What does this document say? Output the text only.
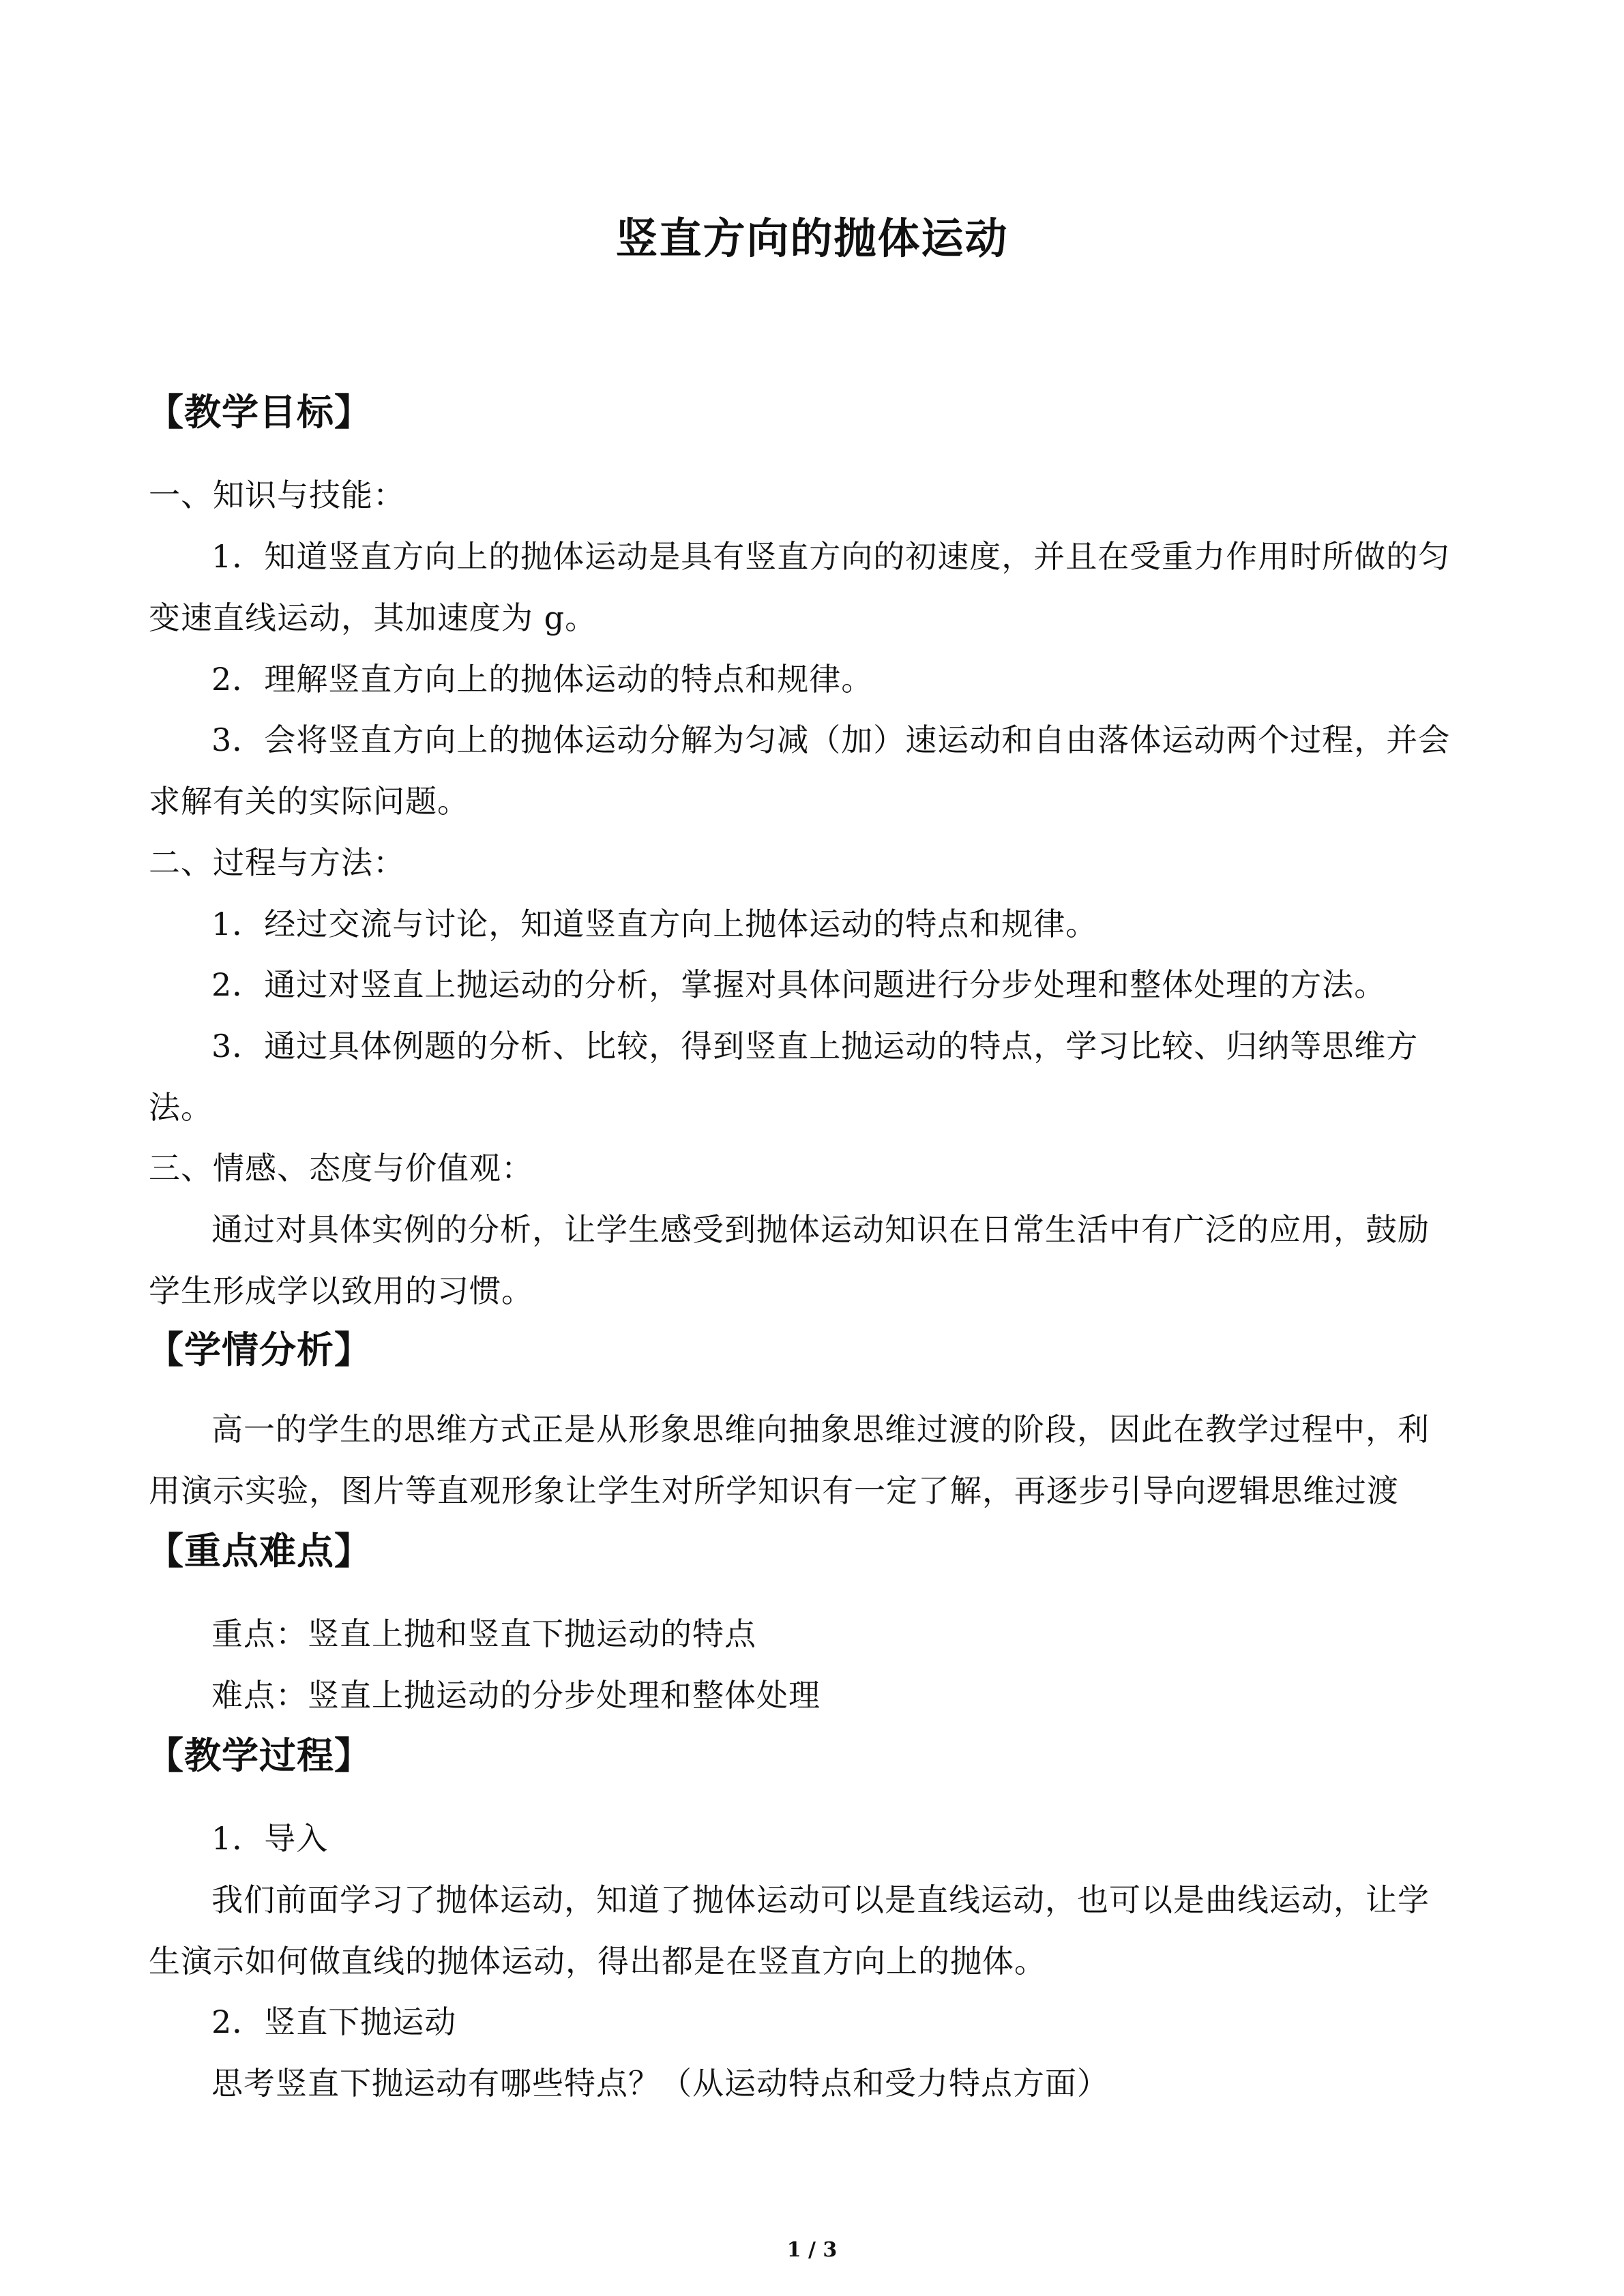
竖直方向的抛体运动
【教学目标】
一、知识与技能：
1．知道竖直方向上的抛体运动是具有竖直方向的初速度，并且在受重力作用时所做的匀
变速直线运动，其加速度为 g。
2．理解竖直方向上的抛体运动的特点和规律。
3．会将竖直方向上的抛体运动分解为匀减（加）速运动和自由落体运动两个过程，并会
求解有关的实际问题。
二、过程与方法：
1．经过交流与讨论，知道竖直方向上抛体运动的特点和规律。
2．通过对竖直上抛运动的分析，掌握对具体问题进行分步处理和整体处理的方法。
3．通过具体例题的分析、比较，得到竖直上抛运动的特点，学习比较、归纳等思维方
法。
三、情感、态度与价值观：
通过对具体实例的分析，让学生感受到抛体运动知识在日常生活中有广泛的应用，鼓励
学生形成学以致用的习惯。
【学情分析】
高一的学生的思维方式正是从形象思维向抽象思维过渡的阶段，因此在教学过程中，利
用演示实验，图片等直观形象让学生对所学知识有一定了解，再逐步引导向逻辑思维过渡
【重点难点】
重点：竖直上抛和竖直下抛运动的特点
难点：竖直上抛运动的分步处理和整体处理
【教学过程】
1．导入
我们前面学习了抛体运动，知道了抛体运动可以是直线运动，也可以是曲线运动，让学
生演示如何做直线的抛体运动，得出都是在竖直方向上的抛体。
2．竖直下抛运动
思考竖直下抛运动有哪些特点？（从运动特点和受力特点方面）
1 / 3
